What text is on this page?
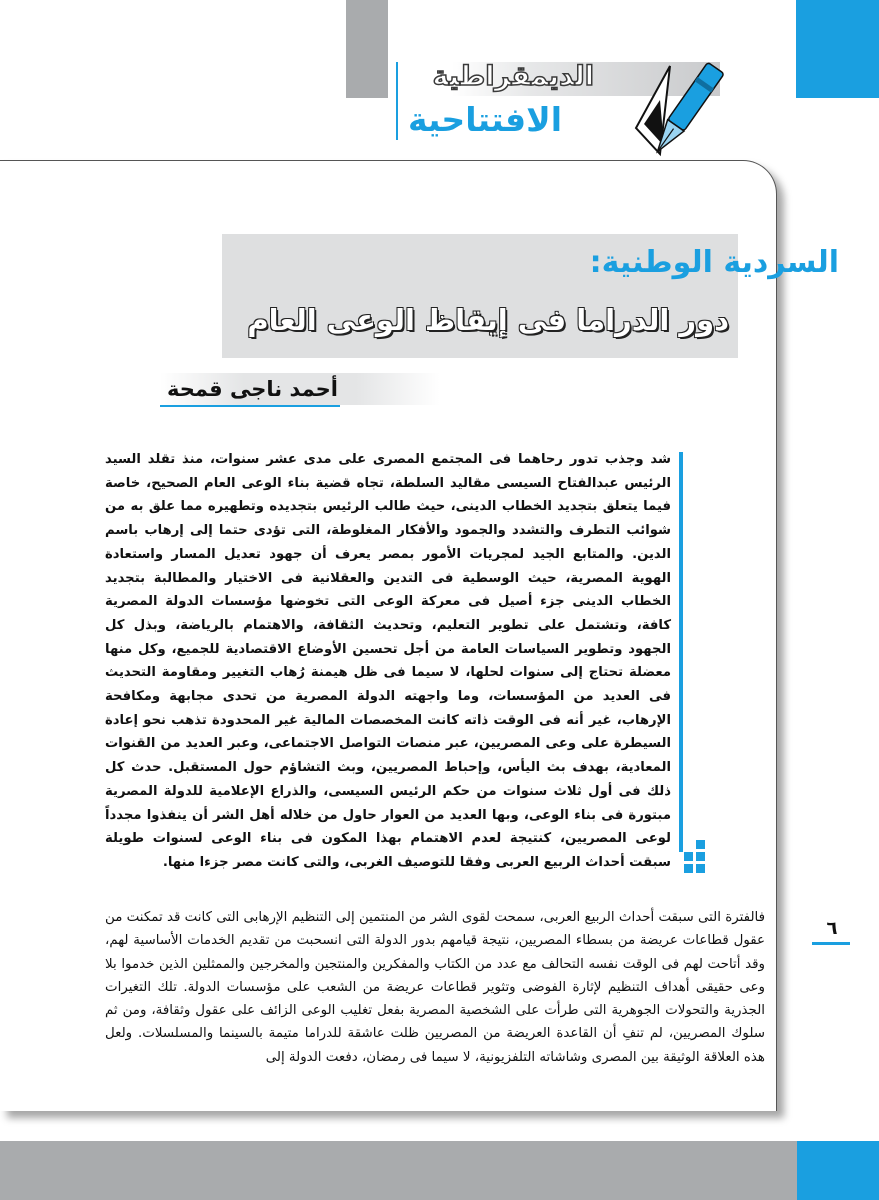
الديمقراطية
الافتتاحية
السردية الوطنية:
دور الدراما فى إيقاظ الوعى العام
أحمد ناجى قمحة

شد وجذب تدور رحاهما فى المجتمع المصرى على مدى عشر سنوات، منذ تقلد السيد الرئيس عبدالفتاح السيسى مقاليد السلطة، تجاه قضية بناء الوعى العام الصحيح، خاصة فيما يتعلق بتجديد الخطاب الدينى، حيث طالب الرئيس بتجديده وتطهيره مما علق به من شوائب التطرف والتشدد والجمود والأفكار المغلوطة، التى تؤدى حتما إلى إرهاب باسم الدين. والمتابع الجيد لمجريات الأمور بمصر يعرف أن جهود تعديل المسار واستعادة الهوية المصرية، حيث الوسطية فى التدين والعقلانية فى الاختيار والمطالبة بتجديد الخطاب الدينى جزء أصيل فى معركة الوعى التى تخوضها مؤسسات الدولة المصرية كافة، وتشتمل على تطوير التعليم، وتحديث الثقافة، والاهتمام بالرياضة، وبذل كل الجهود وتطوير السياسات العامة من أجل تحسين الأوضاع الاقتصادية للجميع، وكل منها معضلة تحتاج إلى سنوات لحلها، لا سيما فى ظل هيمنة رُهاب التغيير ومقاومة التحديث فى العديد من المؤسسات، وما واجهته الدولة المصرية من تحدى مجابهة ومكافحة الإرهاب، غير أنه فى الوقت ذاته كانت المخصصات المالية غير المحدودة تذهب نحو إعادة السيطرة على وعى المصريين، عبر منصات التواصل الاجتماعى، وعبر العديد من القنوات المعادية، بهدف بث اليأس، وإحباط المصريين، وبث التشاؤم حول المستقبل. حدث كل ذلك فى أول ثلاث سنوات من حكم الرئيس السيسى، والذراع الإعلامية للدولة المصرية مبتورة فى بناء الوعى، وبها العديد من العوار حاول من خلاله أهل الشر أن ينفذوا مجدداً لوعى المصريين، كنتيجة لعدم الاهتمام بهذا المكون فى بناء الوعى لسنوات طويلة سبقت أحداث الربيع العربى وفقا للتوصيف الغربى، والتى كانت مصر جزءا منها.

فالفترة التى سبقت أحداث الربيع العربى، سمحت لقوى الشر من المنتمين إلى التنظيم الإرهابى التى كانت قد تمكنت من عقول قطاعات عريضة من بسطاء المصريين، نتيجة قيامهم بدور الدولة التى انسحبت من تقديم الخدمات الأساسية لهم، وقد أتاحت لهم فى الوقت نفسه التحالف مع عدد من الكتاب والمفكرين والمنتجين والمخرجين والممثلين الذين خدموا بلا وعى حقيقى أهداف التنظيم لإثارة الفوضى وتثوير قطاعات عريضة من الشعب على مؤسسات الدولة. تلك التغيرات الجذرية والتحولات الجوهرية التى طرأت على الشخصية المصرية بفعل تغليب الوعى الزائف على عقول وثقافة، ومن ثم سلوك المصريين، لم تنفِ أن القاعدة العريضة من المصريين ظلت عاشقة للدراما متيمة بالسينما والمسلسلات. ولعل هذه العلاقة الوثيقة بين المصرى وشاشاته التلفزيونية، لا سيما فى رمضان، دفعت الدولة إلى

٦
